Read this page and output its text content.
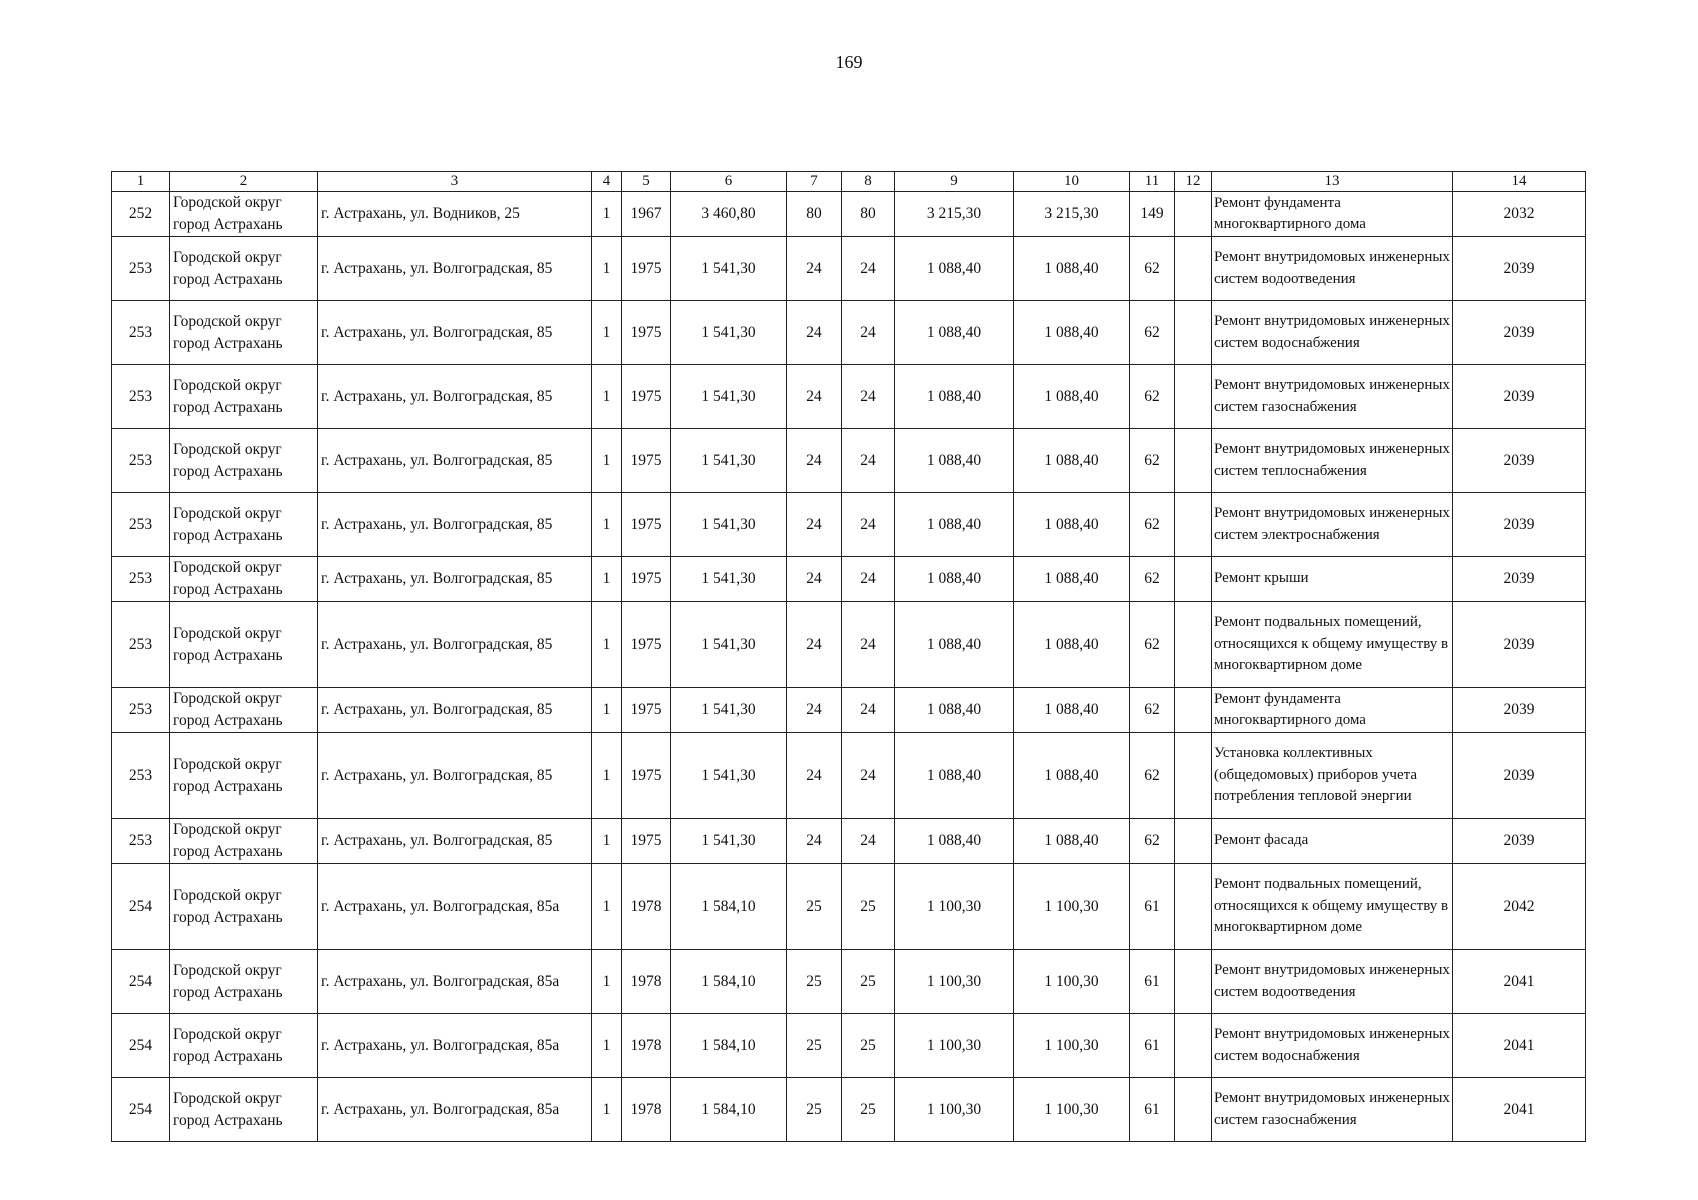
169
1	2	3	4	5	6	7	8	9	10	11	12	13	14
252	Городской округ город Астрахань	г. Астрахань, ул. Водников, 25	1	1967	3 460,80	80	80	3 215,30	3 215,30	149		Ремонт фундамента многоквартирного дома	2032
253	Городской округ город Астрахань	г. Астрахань, ул. Волгоградская, 85	1	1975	1 541,30	24	24	1 088,40	1 088,40	62		Ремонт внутридомовых инженерных систем водоотведения	2039
253	Городской округ город Астрахань	г. Астрахань, ул. Волгоградская, 85	1	1975	1 541,30	24	24	1 088,40	1 088,40	62		Ремонт внутридомовых инженерных систем водоснабжения	2039
253	Городской округ город Астрахань	г. Астрахань, ул. Волгоградская, 85	1	1975	1 541,30	24	24	1 088,40	1 088,40	62		Ремонт внутридомовых инженерных систем газоснабжения	2039
253	Городской округ город Астрахань	г. Астрахань, ул. Волгоградская, 85	1	1975	1 541,30	24	24	1 088,40	1 088,40	62		Ремонт внутридомовых инженерных систем теплоснабжения	2039
253	Городской округ город Астрахань	г. Астрахань, ул. Волгоградская, 85	1	1975	1 541,30	24	24	1 088,40	1 088,40	62		Ремонт внутридомовых инженерных систем электроснабжения	2039
253	Городской округ город Астрахань	г. Астрахань, ул. Волгоградская, 85	1	1975	1 541,30	24	24	1 088,40	1 088,40	62		Ремонт крыши	2039
253	Городской округ город Астрахань	г. Астрахань, ул. Волгоградская, 85	1	1975	1 541,30	24	24	1 088,40	1 088,40	62		Ремонт подвальных помещений, относящихся к общему имуществу в многоквартирном доме	2039
253	Городской округ город Астрахань	г. Астрахань, ул. Волгоградская, 85	1	1975	1 541,30	24	24	1 088,40	1 088,40	62		Ремонт фундамента многоквартирного дома	2039
253	Городской округ город Астрахань	г. Астрахань, ул. Волгоградская, 85	1	1975	1 541,30	24	24	1 088,40	1 088,40	62		Установка коллективных (общедомовых) приборов учета потребления тепловой энергии	2039
253	Городской округ город Астрахань	г. Астрахань, ул. Волгоградская, 85	1	1975	1 541,30	24	24	1 088,40	1 088,40	62		Ремонт фасада	2039
254	Городской округ город Астрахань	г. Астрахань, ул. Волгоградская, 85а	1	1978	1 584,10	25	25	1 100,30	1 100,30	61		Ремонт подвальных помещений, относящихся к общему имуществу в многоквартирном доме	2042
254	Городской округ город Астрахань	г. Астрахань, ул. Волгоградская, 85а	1	1978	1 584,10	25	25	1 100,30	1 100,30	61		Ремонт внутридомовых инженерных систем водоотведения	2041
254	Городской округ город Астрахань	г. Астрахань, ул. Волгоградская, 85а	1	1978	1 584,10	25	25	1 100,30	1 100,30	61		Ремонт внутридомовых инженерных систем водоснабжения	2041
254	Городской округ город Астрахань	г. Астрахань, ул. Волгоградская, 85а	1	1978	1 584,10	25	25	1 100,30	1 100,30	61		Ремонт внутридомовых инженерных систем газоснабжения	2041
